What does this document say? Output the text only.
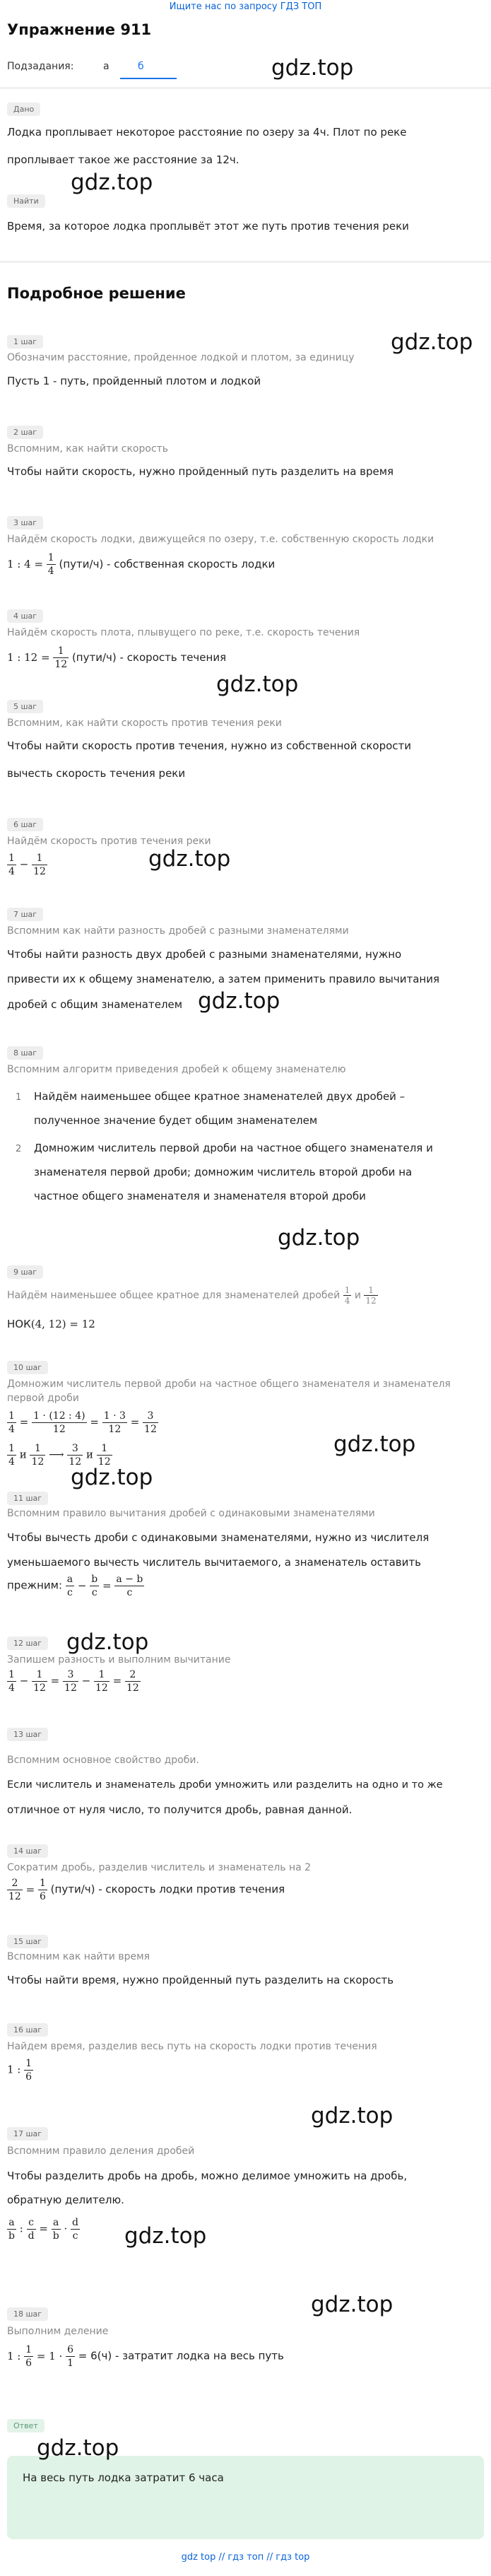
Ищите нас по запросу ГДЗ ТОП
Упражнение 911
Подзадания:	а	б	gdz.top
Дано
Лодка проплывает некоторое расстояние по озеру за 4ч. Плот по реке
проплывает такое же расстояние за 12ч.
gdz.top
Найти
Время, за которое лодка проплывёт этот же путь против течения реки
Подробное решение
gdz.top
1 шаг
Обозначим расстояние, пройденное лодкой и плотом, за единицу
Пусть 1 - путь, пройденный плотом и лодкой
2 шаг
Вспомним, как найти скорость
Чтобы найти скорость, нужно пройденный путь разделить на время
3 шаг
Найдём скорость лодки, движущейся по озеру, т.е. собственную скорость лодки
1 : $4 = \frac{1}{4}$ (пути/ч) - собственная скорость лодки
4 шаг
Найдём скорость плота, плывущего по реке, т.е. скорость течения
1 : $12 = \frac{1}{12}$ (пути/ч) - скорость течения
gdz.top
5 шаг
Вспомним, как найти скорость против течения реки
Чтобы найти скорость против течения, нужно из собственной скорости
вычесть скорость течения реки
6 шаг
Найдём скорость против течения реки
$\frac{1}{4} - \frac{1}{12}$	gdz.top
7 шаг
Вспомним как найти разность дробей с разными знаменателями
Чтобы найти разность двух дробей с разными знаменателями, нужно
привести их к общему знаменателю, а затем применить правило вычитания
дробей с общим знаменателем gdz.top
8 шаг
Вспомним алгоритм приведения дробей к общему знаменателю
1 Найдём наименьшее общее кратное знаменателей двух дробей –
полученное значение будет общим знаменателем
2 Домножим числитель первой дроби на частное общего знаменателя и
знаменателя первой дроби; домножим числитель второй дроби на
частное общего знаменателя и знаменателя второй дроби
gdz.top
9 шаг
Найдём наименьшее общее кратное для знаменателей дробей $\frac{1}{4}$ и $\frac{1}{12}$
НОК(4, 12) = 12
10 шаг
Домножим числитель первой дроби на частное общего знаменателя и знаменателя
первой дроби
$\frac{1}{4} = \frac{1 \cdot (12 : 4)}{12} = \frac{1 \cdot 3}{12} = \frac{3}{12}$
$\frac{1}{4}$ и $\frac{1}{12}$ ⟶ $\frac{3}{12}$ и $\frac{1}{12}$	gdz.top
gdz.top
11 шаг
Вспомним правило вычитания дробей с одинаковыми знаменателями
Чтобы вычесть дроби с одинаковыми знаменателями, нужно из числителя
уменьшаемого вычесть числитель вычитаемого, а знаменатель оставить
прежним: $\frac{a}{c} - \frac{b}{c} = \frac{a - b}{c}$
gdz.top
12 шаг
Запишем разность и выполним вычитание
$\frac{1}{4} - \frac{1}{12} = \frac{3}{12} - \frac{1}{12} = \frac{2}{12}$
13 шаг
Вспомним основное свойство дроби.
Если числитель и знаменатель дроби умножить или разделить на одно и то же
отличное от нуля число, то получится дробь, равная данной.
14 шаг
Сократим дробь, разделив числитель и знаменатель на 2
$\frac{2}{12} = \frac{1}{6}$ (пути/ч) - скорость лодки против течения
15 шаг
Вспомним как найти время
Чтобы найти время, нужно пройденный путь разделить на скорость
16 шаг
Найдем время, разделив весь путь на скорость лодки против течения
1 : $\frac{1}{6}$
gdz.top
17 шаг
Вспомним правило деления дробей
Чтобы разделить дробь на дробь, можно делимое умножить на дробь,
обратную делителю.
$\frac{a}{b}$ : $\frac{c}{d} = \frac{a}{b} \cdot \frac{d}{c} gdz.top$
gdz.top
18 шаг
Выполним деление
1 : $\frac{1}{6} = 1 \cdot \frac{6}{1} = 6(ч)$ - затратит лодка на весь путь
Ответ
gdz.top
На весь путь лодка затратит 6 часа
gdz top // гдз топ // гдз top
